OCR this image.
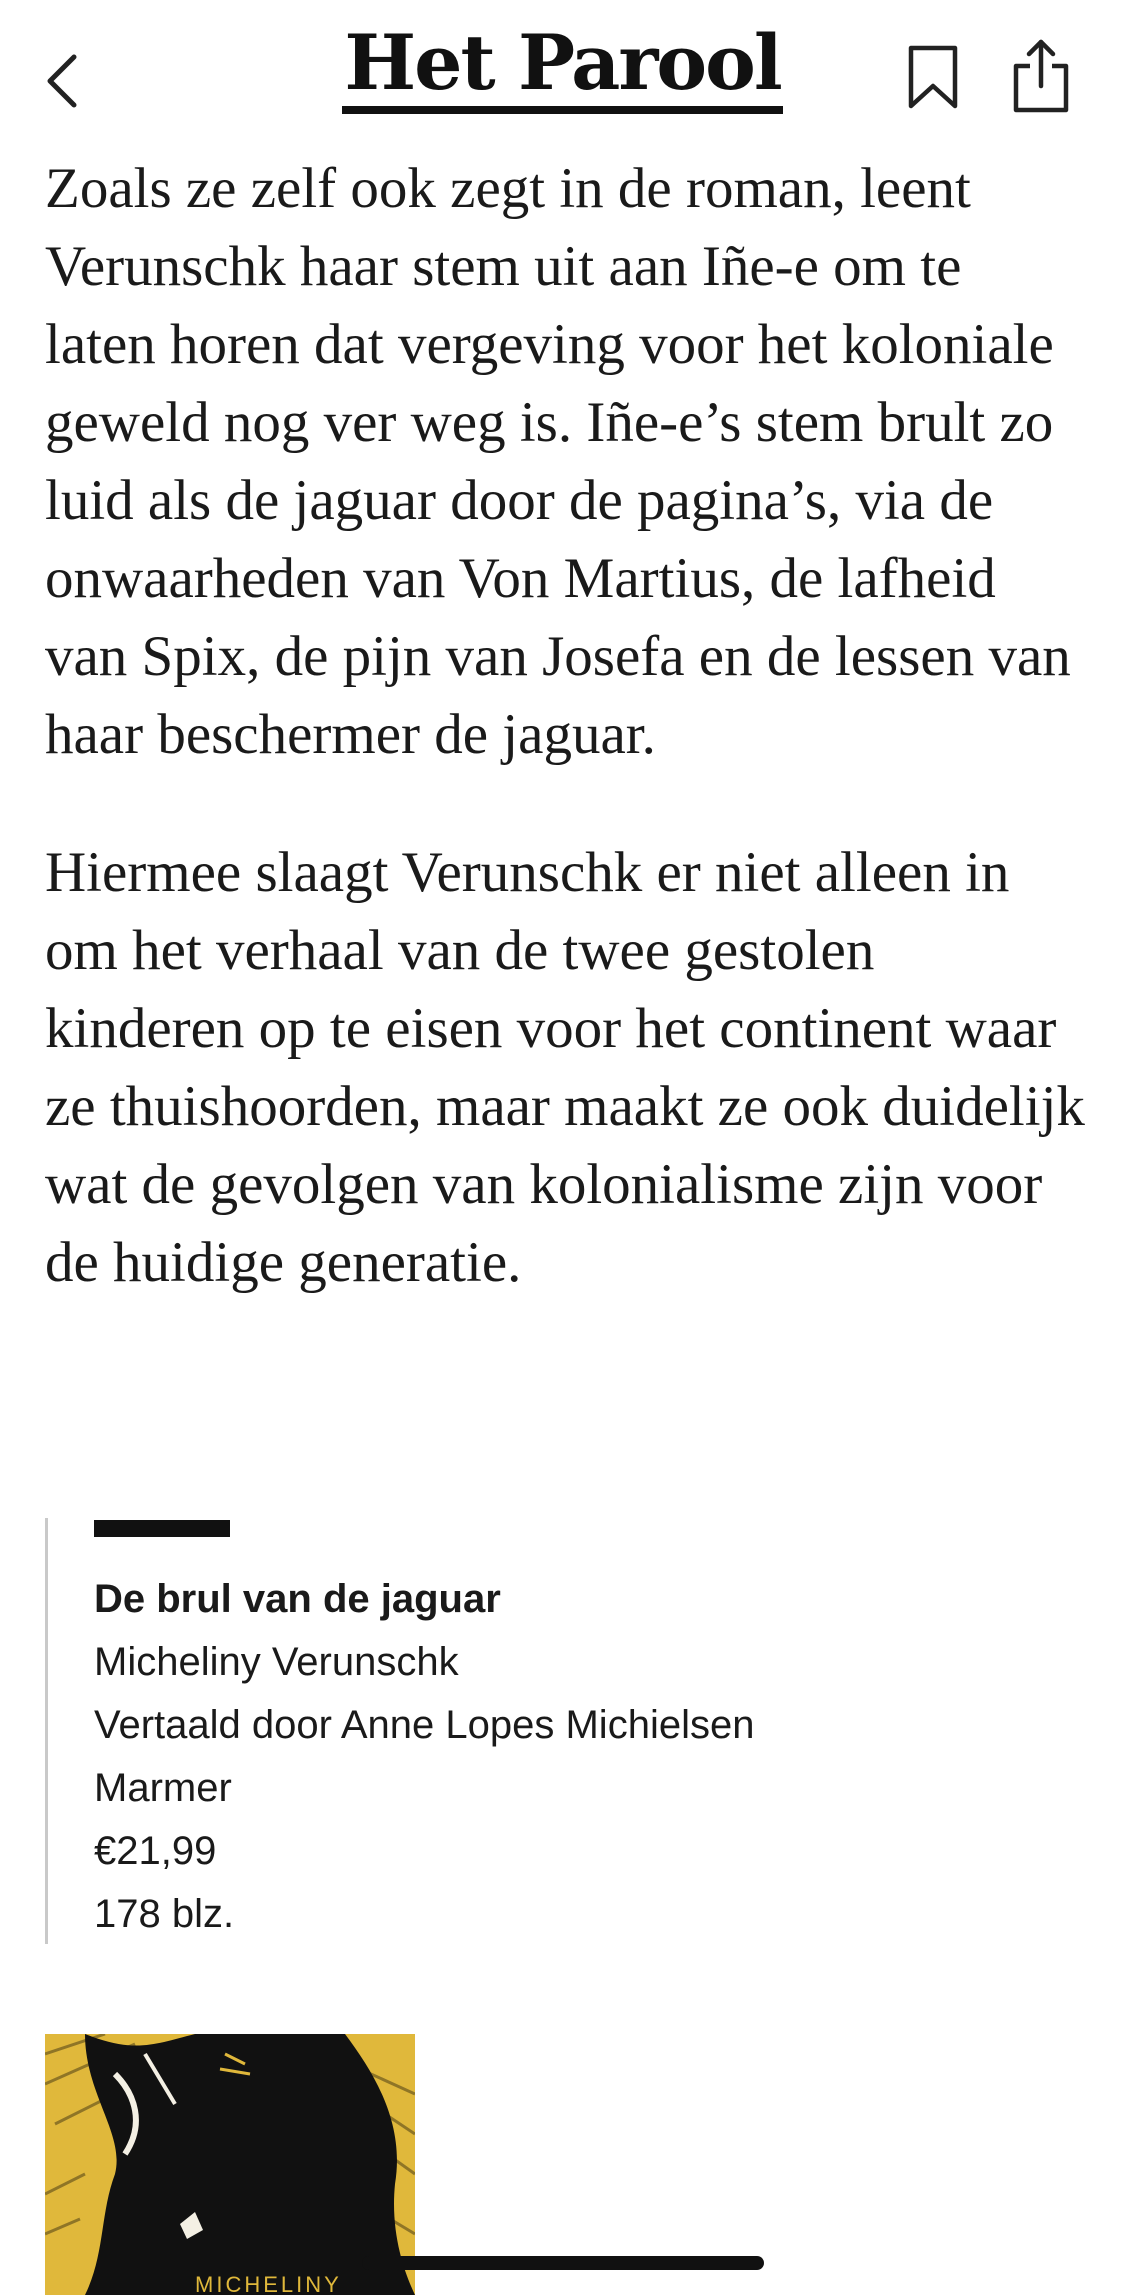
Het Parool

Zoals ze zelf ook zegt in de roman, leent Verunschk haar stem uit aan Iñe-e om te laten horen dat vergeving voor het koloniale geweld nog ver weg is. Iñe-e’s stem brult zo luid als de jaguar door de pagina’s, via de onwaarheden van Von Martius, de lafheid van Spix, de pijn van Josefa en de lessen van haar beschermer de jaguar.

Hiermee slaagt Verunschk er niet alleen in om het verhaal van de twee gestolen kinderen op te eisen voor het continent waar ze thuishoorden, maar maakt ze ook duidelijk wat de gevolgen van kolonialisme zijn voor de huidige generatie.

De brul van de jaguar
Micheliny Verunschk
Vertaald door Anne Lopes Michielsen
Marmer
€21,99
178 blz.
MICHELINY
